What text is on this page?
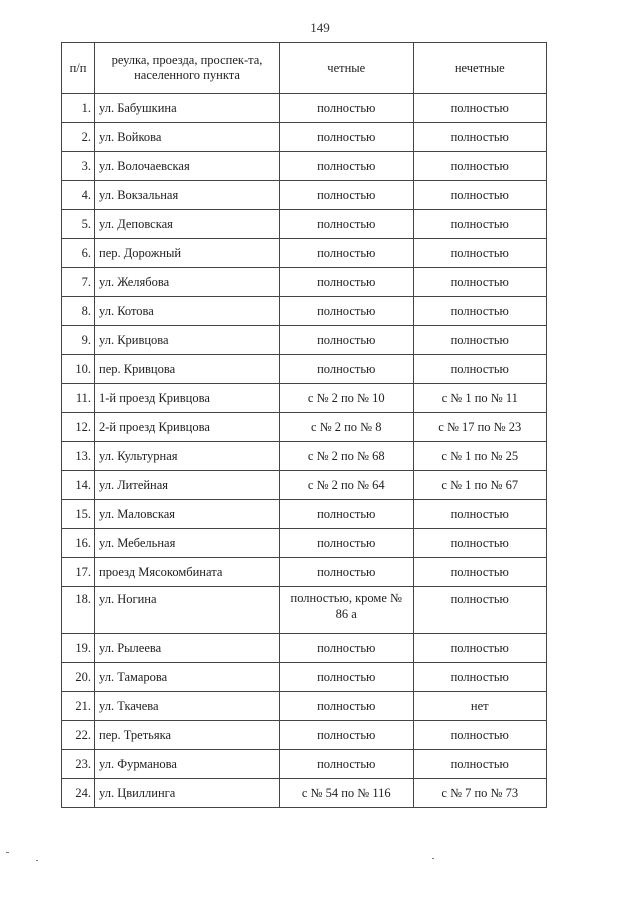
149
п/п	реулка, проезда, проспек-та, населенного пункта	четные	нечетные
1.	ул. Бабушкина	полностью	полностью
2.	ул. Войкова	полностью	полностью
3.	ул. Волочаевская	полностью	полностью
4.	ул. Вокзальная	полностью	полностью
5.	ул. Деповская	полностью	полностью
6.	пер. Дорожный	полностью	полностью
7.	ул. Желябова	полностью	полностью
8.	ул. Котова	полностью	полностью
9.	ул. Кривцова	полностью	полностью
10.	пер. Кривцова	полностью	полностью
11.	1-й проезд Кривцова	с № 2 по № 10	с № 1 по № 11
12.	2-й проезд Кривцова	с № 2 по № 8	с № 17 по № 23
13.	ул. Культурная	с № 2 по № 68	с № 1 по № 25
14.	ул. Литейная	с № 2 по № 64	с № 1 по № 67
15.	ул. Маловская	полностью	полностью
16.	ул. Мебельная	полностью	полностью
17.	проезд Мясокомбината	полностью	полностью
18.	ул. Ногина	полностью, кроме № 86 а	полностью
19.	ул. Рылеева	полностью	полностью
20.	ул. Тамарова	полностью	полностью
21.	ул. Ткачева	полностью	нет
22.	пер. Третьяка	полностью	полностью
23.	ул. Фурманова	полностью	полностью
24.	ул. Цвиллинга	с № 54 по № 116	с № 7 по № 73
